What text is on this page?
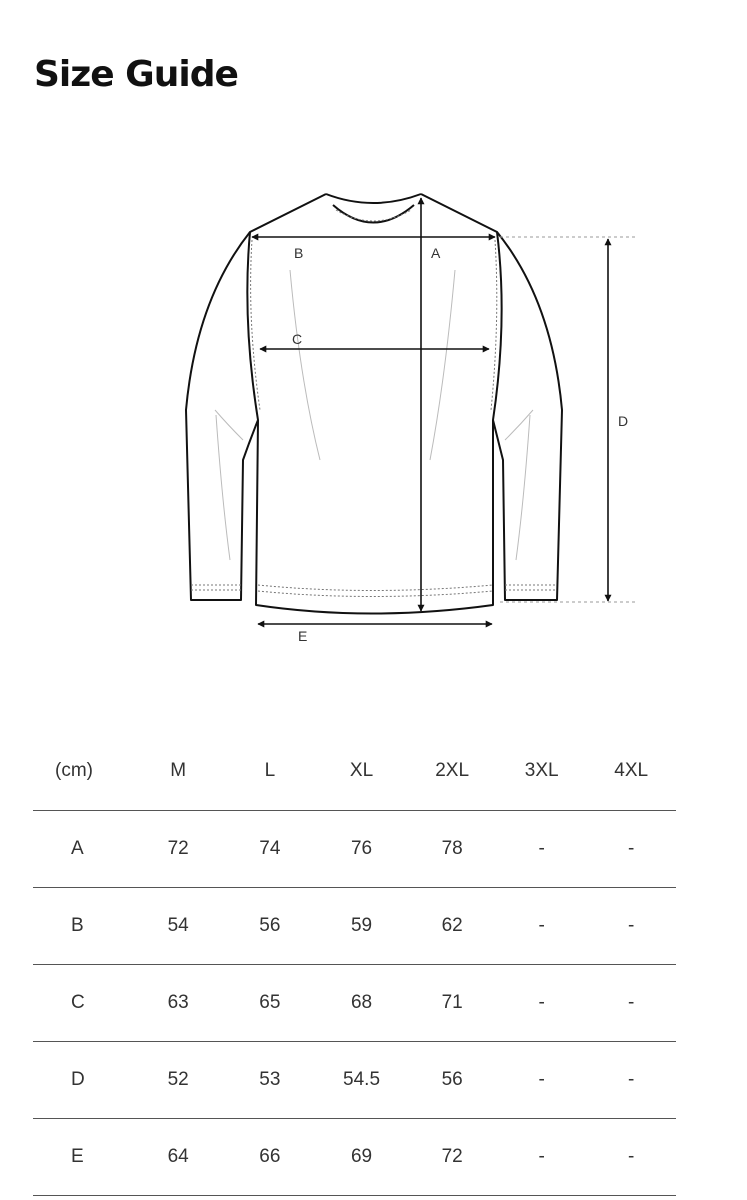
Size Guide
A
B
C
D
E
(cm)	M	L	XL	2XL	3XL	4XL
A	72	74	76	78	-	-
B	54	56	59	62	-	-
C	63	65	68	71	-	-
D	52	53	54.5	56	-	-
E	64	66	69	72	-	-
